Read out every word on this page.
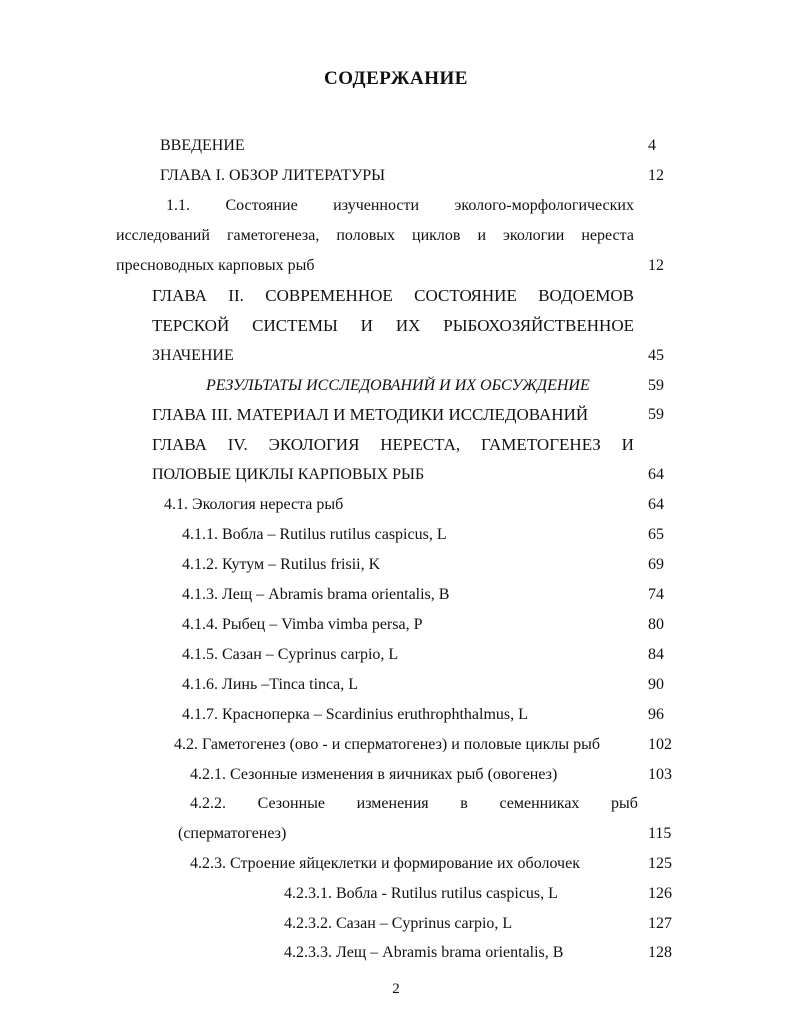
СОДЕРЖАНИЕ
ВВЕДЕНИЕ	4
ГЛАВА I. ОБЗОР ЛИТЕРАТУРЫ	12
1.1. Состояние изученности эколого-морфологических
исследований гаметогенеза, половых циклов и экологии нереста
пресноводных карповых рыб	12
ГЛАВА II. СОВРЕМЕННОЕ СОСТОЯНИЕ ВОДОЕМОВ
ТЕРСКОЙ СИСТЕМЫ И ИХ РЫБОХОЗЯЙСТВЕННОЕ
ЗНАЧЕНИЕ	45
РЕЗУЛЬТАТЫ ИССЛЕДОВАНИЙ И ИХ ОБСУЖДЕНИЕ	59
ГЛАВА III. МАТЕРИАЛ И МЕТОДИКИ ИССЛЕДОВАНИЙ	59
ГЛАВА IV. ЭКОЛОГИЯ НЕРЕСТА, ГАМЕТОГЕНЕЗ И
ПОЛОВЫЕ ЦИКЛЫ КАРПОВЫХ РЫБ	64
4.1. Экология нереста рыб	64
4.1.1. Вобла – Rutilus rutilus caspicus, L	65
4.1.2. Кутум – Rutilus frisii, K	69
4.1.3. Лещ – Abramis brama orientalis, B	74
4.1.4. Рыбец – Vimba vimba persa, P	80
4.1.5. Сазан – Cyprinus carpio, L	84
4.1.6. Линь –Tinca tinca, L	90
4.1.7. Красноперка – Scardinius eruthrophthalmus, L	96
4.2. Гаметогенез (ово - и сперматогенез) и половые циклы рыб	102
4.2.1. Сезонные изменения в яичниках рыб (овогенез)	103
4.2.2. Сезонные изменения в семенниках рыб
(сперматогенез)	115
4.2.3. Строение яйцеклетки и формирование их оболочек	125
4.2.3.1. Вобла - Rutilus rutilus caspicus, L	126
4.2.3.2. Сазан – Cyprinus carpio, L	127
4.2.3.3. Лещ – Abramis brama orientalis, B	128
2
